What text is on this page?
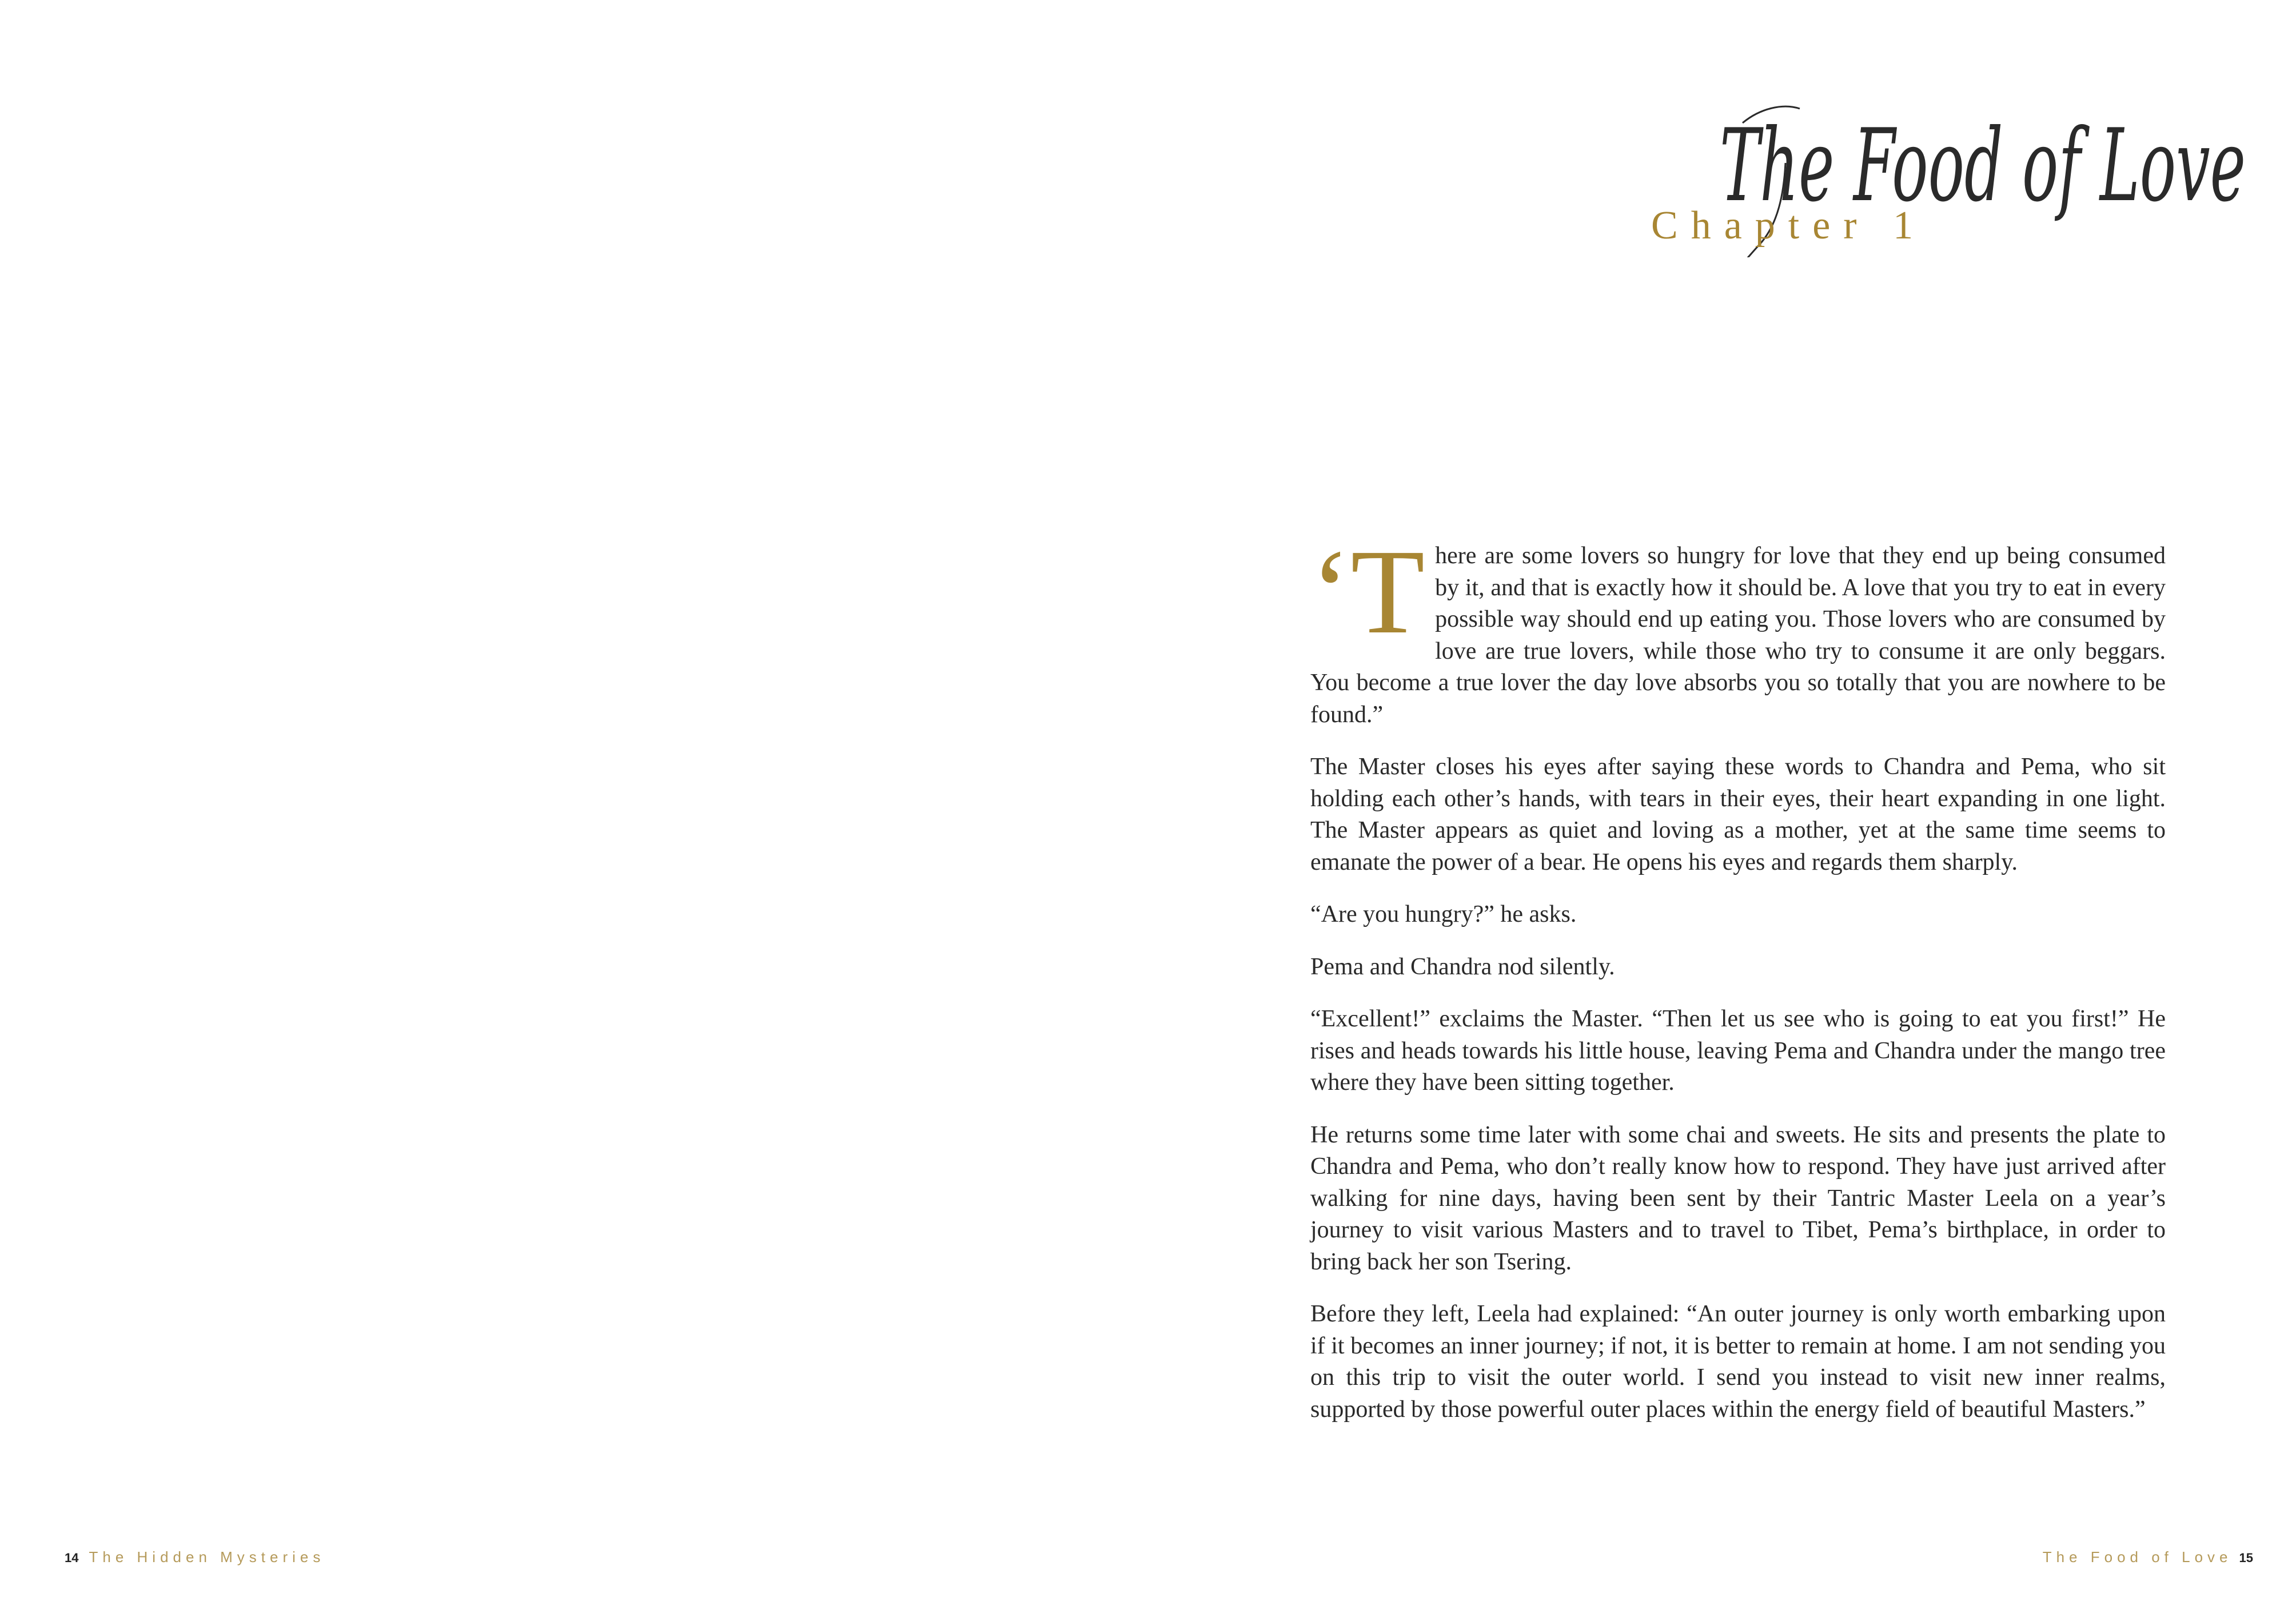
14 The Hidden Mysteries
The Food of Love
Chapter 1

‘There are some lovers so hungry for love that they end up being consumed by it, and that is exactly how it should be. A love that you try to eat in every possible way should end up eating you. Those lovers who are consumed by love are true lovers, while those who try to consume it are only beggars. You become a true lover the day love absorbs you so totally that you are nowhere to be found.”

The Master closes his eyes after saying these words to Chandra and Pema, who sit holding each other’s hands, with tears in their eyes, their heart expanding in one light. The Master appears as quiet and loving as a mother, yet at the same time seems to emanate the power of a bear. He opens his eyes and regards them sharply.

“Are you hungry?” he asks.

Pema and Chandra nod silently.

“Excellent!” exclaims the Master. “Then let us see who is going to eat you first!” He rises and heads towards his little house, leaving Pema and Chandra under the mango tree where they have been sitting together.

He returns some time later with some chai and sweets. He sits and presents the plate to Chandra and Pema, who don’t really know how to respond. They have just arrived after walking for nine days, having been sent by their Tantric Master Leela on a year’s journey to visit various Masters and to travel to Tibet, Pema’s birthplace, in order to bring back her son Tsering.

Before they left, Leela had explained: “An outer journey is only worth embarking upon if it becomes an inner journey; if not, it is better to remain at home. I am not sending you on this trip to visit the outer world. I send you instead to visit new inner realms, supported by those powerful outer places within the energy field of beautiful Masters.”

The Food of Love 15
